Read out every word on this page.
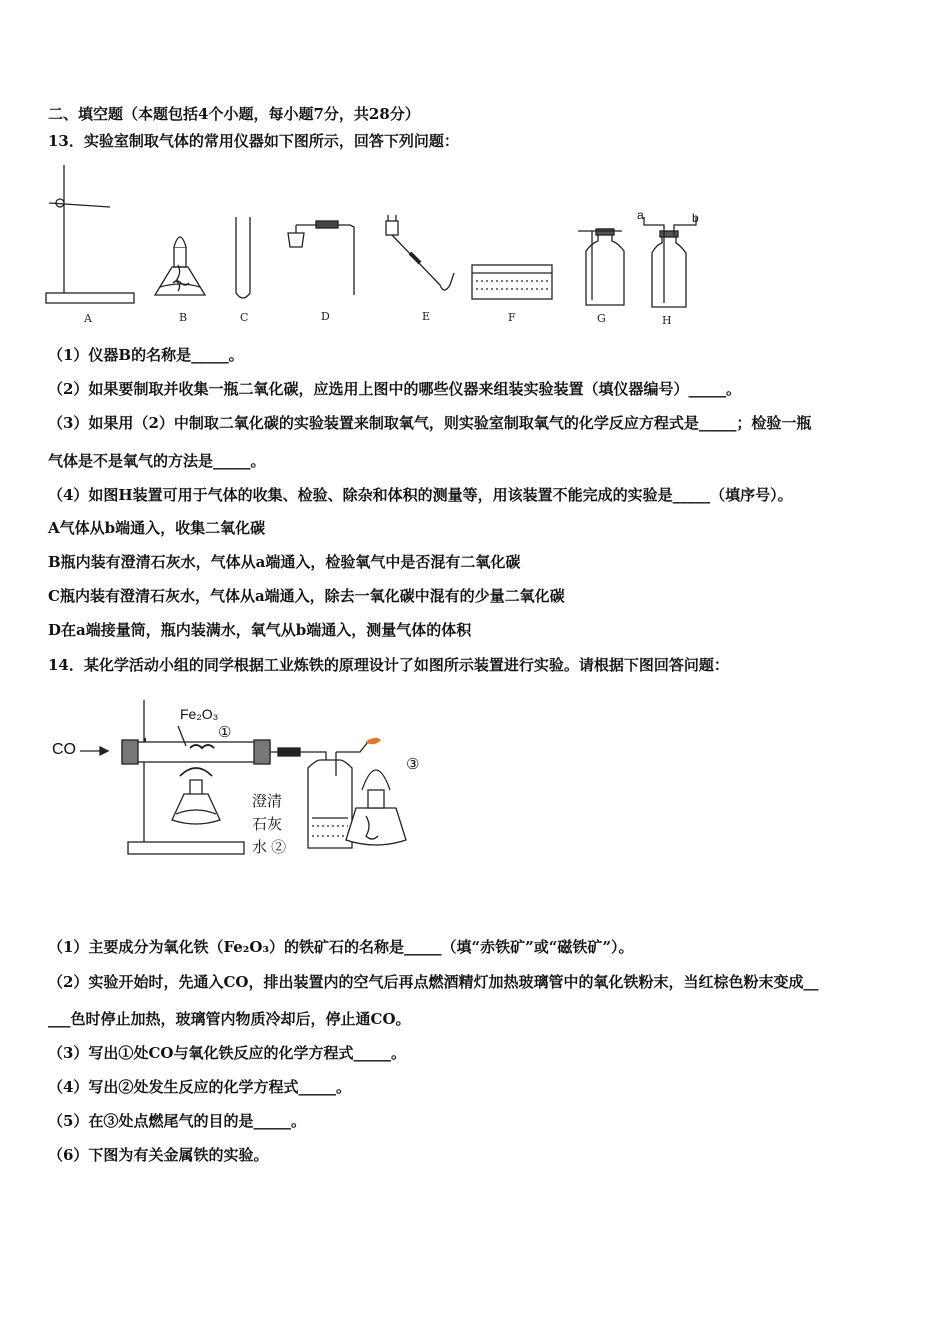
二、填空题（本题包括4个小题，每小题7分，共28分）
13．实验室制取气体的常用仪器如下图所示，回答下列问题：
a	b
A	B	C	D	E	F	G	H
（1）仪器B的名称是_____。
（2）如果要制取并收集一瓶二氧化碳，应选用上图中的哪些仪器来组装实验装置（填仪器编号）_____。
（3）如果用（2）中制取二氧化碳的实验装置来制取氧气，则实验室制取氧气的化学反应方程式是_____；检验一瓶
气体是不是氧气的方法是_____。
（4）如图H装置可用于气体的收集、检验、除杂和体积的测量等，用该装置不能完成的实验是_____（填序号）。
A气体从b端通入，收集二氧化碳
B瓶内装有澄清石灰水，气体从a端通入，检验氧气中是否混有二氧化碳
C瓶内装有澄清石灰水，气体从a端通入，除去一氧化碳中混有的少量二氧化碳
D在a端接量筒，瓶内装满水，氧气从b端通入，测量气体的体积
14．某化学活动小组的同学根据工业炼铁的原理设计了如图所示装置进行实验。请根据下图回答问题：
CO
Fe₂O₃
①
③
澄清
石灰
水 ②
（1）主要成分为氧化铁（Fe₂O₃）的铁矿石的名称是_____（填“赤铁矿”或“磁铁矿”）。
（2）实验开始时，先通入CO，排出装置内的空气后再点燃酒精灯加热玻璃管中的氧化铁粉末，当红棕色粉末变成__
___色时停止加热，玻璃管内物质冷却后，停止通CO。
（3）写出①处CO与氧化铁反应的化学方程式_____。
（4）写出②处发生反应的化学方程式_____。
（5）在③处点燃尾气的目的是_____。
（6）下图为有关金属铁的实验。
